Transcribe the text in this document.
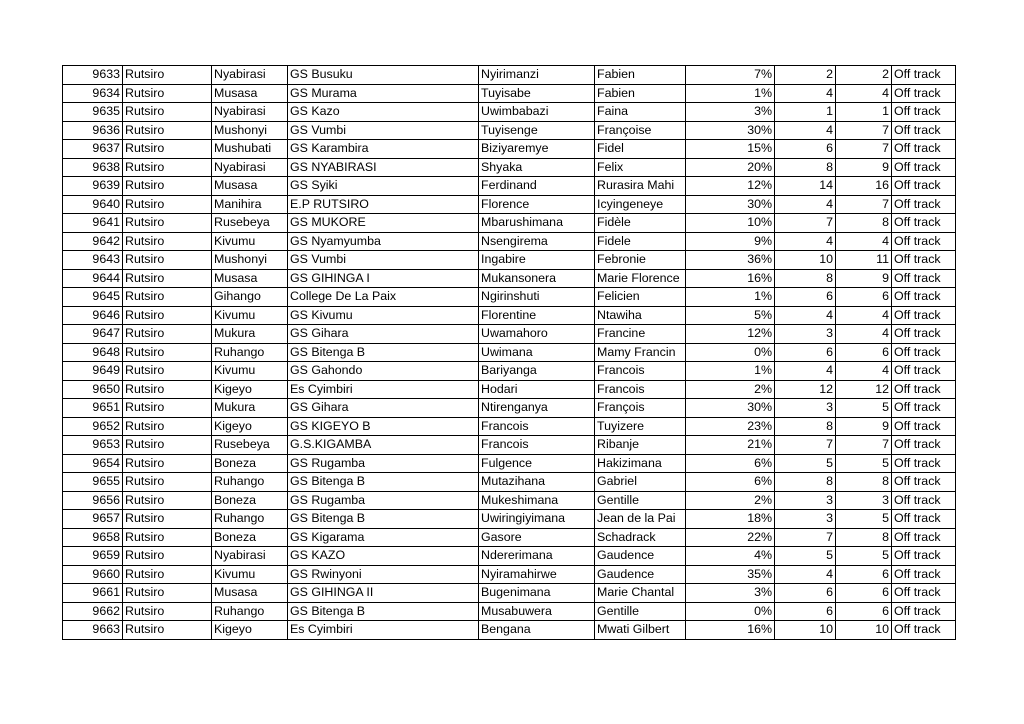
9633	Rutsiro	Nyabirasi	GS Busuku	Nyirimanzi	Fabien	7%	2	2	Off track
9634	Rutsiro	Musasa	GS Murama	Tuyisabe	Fabien	1%	4	4	Off track
9635	Rutsiro	Nyabirasi	GS Kazo	Uwimbabazi	Faina	3%	1	1	Off track
9636	Rutsiro	Mushonyi	GS Vumbi	Tuyisenge	Françoise	30%	4	7	Off track
9637	Rutsiro	Mushubati	GS Karambira	Biziyaremye	Fidel	15%	6	7	Off track
9638	Rutsiro	Nyabirasi	GS NYABIRASI	Shyaka	Felix	20%	8	9	Off track
9639	Rutsiro	Musasa	GS Syiki	Ferdinand	Rurasira Mahi	12%	14	16	Off track
9640	Rutsiro	Manihira	E.P RUTSIRO	Florence	Icyingeneye	30%	4	7	Off track
9641	Rutsiro	Rusebeya	GS MUKORE	Mbarushimana	Fidèle	10%	7	8	Off track
9642	Rutsiro	Kivumu	GS Nyamyumba	Nsengirema	Fidele	9%	4	4	Off track
9643	Rutsiro	Mushonyi	GS Vumbi	Ingabire	Febronie	36%	10	11	Off track
9644	Rutsiro	Musasa	GS GIHINGA I	Mukansonera	Marie Florence	16%	8	9	Off track
9645	Rutsiro	Gihango	College De La Paix	Ngirinshuti	Felicien	1%	6	6	Off track
9646	Rutsiro	Kivumu	GS Kivumu	Florentine	Ntawiha	5%	4	4	Off track
9647	Rutsiro	Mukura	GS Gihara	Uwamahoro	Francine	12%	3	4	Off track
9648	Rutsiro	Ruhango	GS Bitenga B	Uwimana	Mamy Francin	0%	6	6	Off track
9649	Rutsiro	Kivumu	GS Gahondo	Bariyanga	Francois	1%	4	4	Off track
9650	Rutsiro	Kigeyo	Es Cyimbiri	Hodari	Francois	2%	12	12	Off track
9651	Rutsiro	Mukura	GS Gihara	Ntirenganya	François	30%	3	5	Off track
9652	Rutsiro	Kigeyo	GS KIGEYO B	Francois	Tuyizere	23%	8	9	Off track
9653	Rutsiro	Rusebeya	G.S.KIGAMBA	Francois	Ribanje	21%	7	7	Off track
9654	Rutsiro	Boneza	GS Rugamba	Fulgence	Hakizimana	6%	5	5	Off track
9655	Rutsiro	Ruhango	GS Bitenga B	Mutazihana	Gabriel	6%	8	8	Off track
9656	Rutsiro	Boneza	GS Rugamba	Mukeshimana	Gentille	2%	3	3	Off track
9657	Rutsiro	Ruhango	GS Bitenga B	Uwiringiyimana	Jean de la Pai	18%	3	5	Off track
9658	Rutsiro	Boneza	GS Kigarama	Gasore	Schadrack	22%	7	8	Off track
9659	Rutsiro	Nyabirasi	GS KAZO	Ndererimana	Gaudence	4%	5	5	Off track
9660	Rutsiro	Kivumu	GS Rwinyoni	Nyiramahirwe	Gaudence	35%	4	6	Off track
9661	Rutsiro	Musasa	GS GIHINGA II	Bugenimana	Marie Chantal	3%	6	6	Off track
9662	Rutsiro	Ruhango	GS Bitenga B	Musabuwera	Gentille	0%	6	6	Off track
9663	Rutsiro	Kigeyo	Es Cyimbiri	Bengana	Mwati Gilbert	16%	10	10	Off track
